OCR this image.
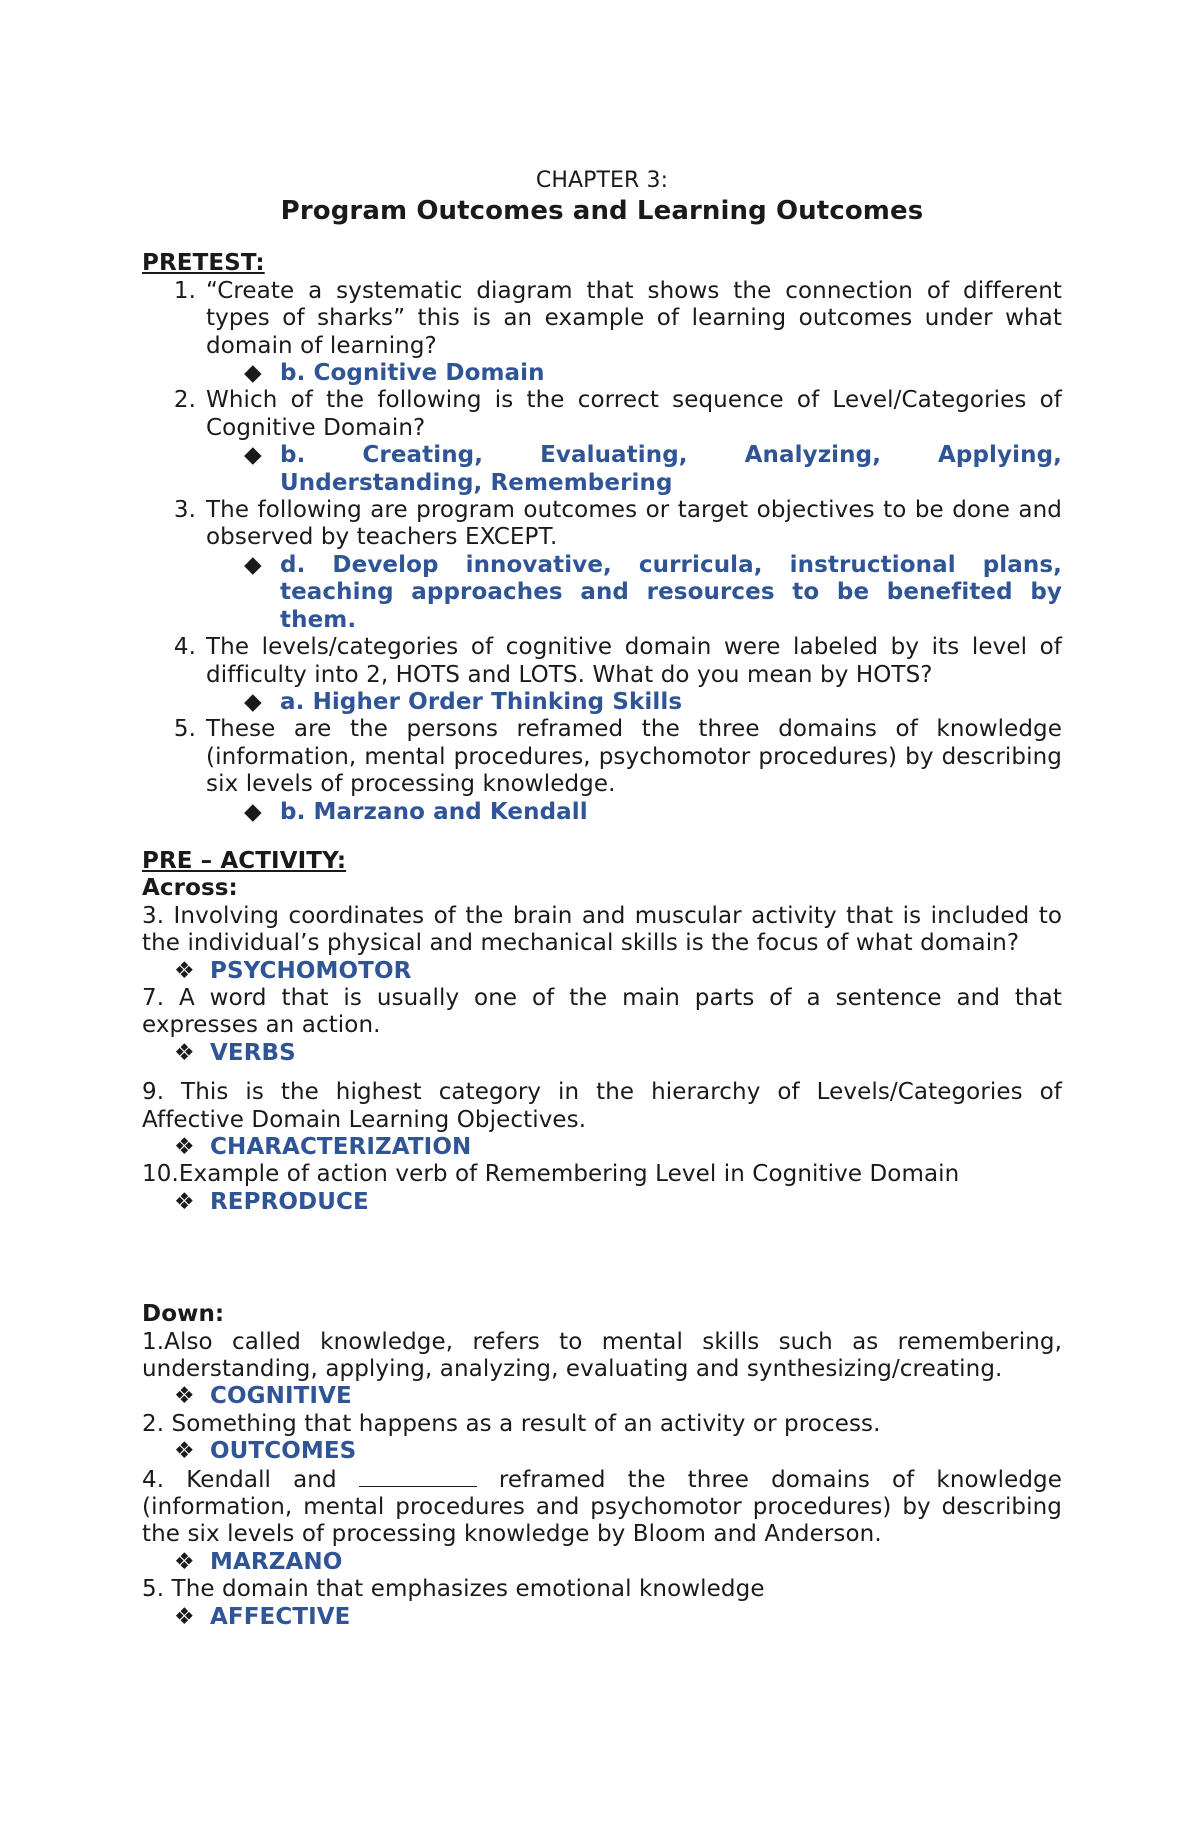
CHAPTER 3:
Program Outcomes and Learning Outcomes
PRETEST:
1. “Create a systematic diagram that shows the connection of different types of sharks” this is an example of learning outcomes under what domain of learning?
◆ b. Cognitive Domain
2. Which of the following is the correct sequence of Level/Categories of Cognitive Domain?
◆ b. Creating, Evaluating, Analyzing, Applying, Understanding, Remembering
3. The following are program outcomes or target objectives to be done and observed by teachers EXCEPT.
◆ d. Develop innovative, curricula, instructional plans, teaching approaches and resources to be benefited by them.
4. The levels/categories of cognitive domain were labeled by its level of difficulty into 2, HOTS and LOTS. What do you mean by HOTS?
◆ a. Higher Order Thinking Skills
5. These are the persons reframed the three domains of knowledge (information, mental procedures, psychomotor procedures) by describing six levels of processing knowledge.
◆ b. Marzano and Kendall
PRE – ACTIVITY:
Across:
3. Involving coordinates of the brain and muscular activity that is included to the individual’s physical and mechanical skills is the focus of what domain?
❖ PSYCHOMOTOR
7. A word that is usually one of the main parts of a sentence and that expresses an action.
❖ VERBS
9. This is the highest category in the hierarchy of Levels/Categories of Affective Domain Learning Objectives.
❖ CHARACTERIZATION
10.Example of action verb of Remembering Level in Cognitive Domain
❖ REPRODUCE
Down:
1.Also called knowledge, refers to mental skills such as remembering, understanding, applying, analyzing, evaluating and synthesizing/creating.
❖ COGNITIVE
2. Something that happens as a result of an activity or process.
❖ OUTCOMES
4. Kendall and	reframed the three domains of knowledge (information, mental procedures and psychomotor procedures) by describing the six levels of processing knowledge by Bloom and Anderson.
❖ MARZANO
5. The domain that emphasizes emotional knowledge
❖ AFFECTIVE
